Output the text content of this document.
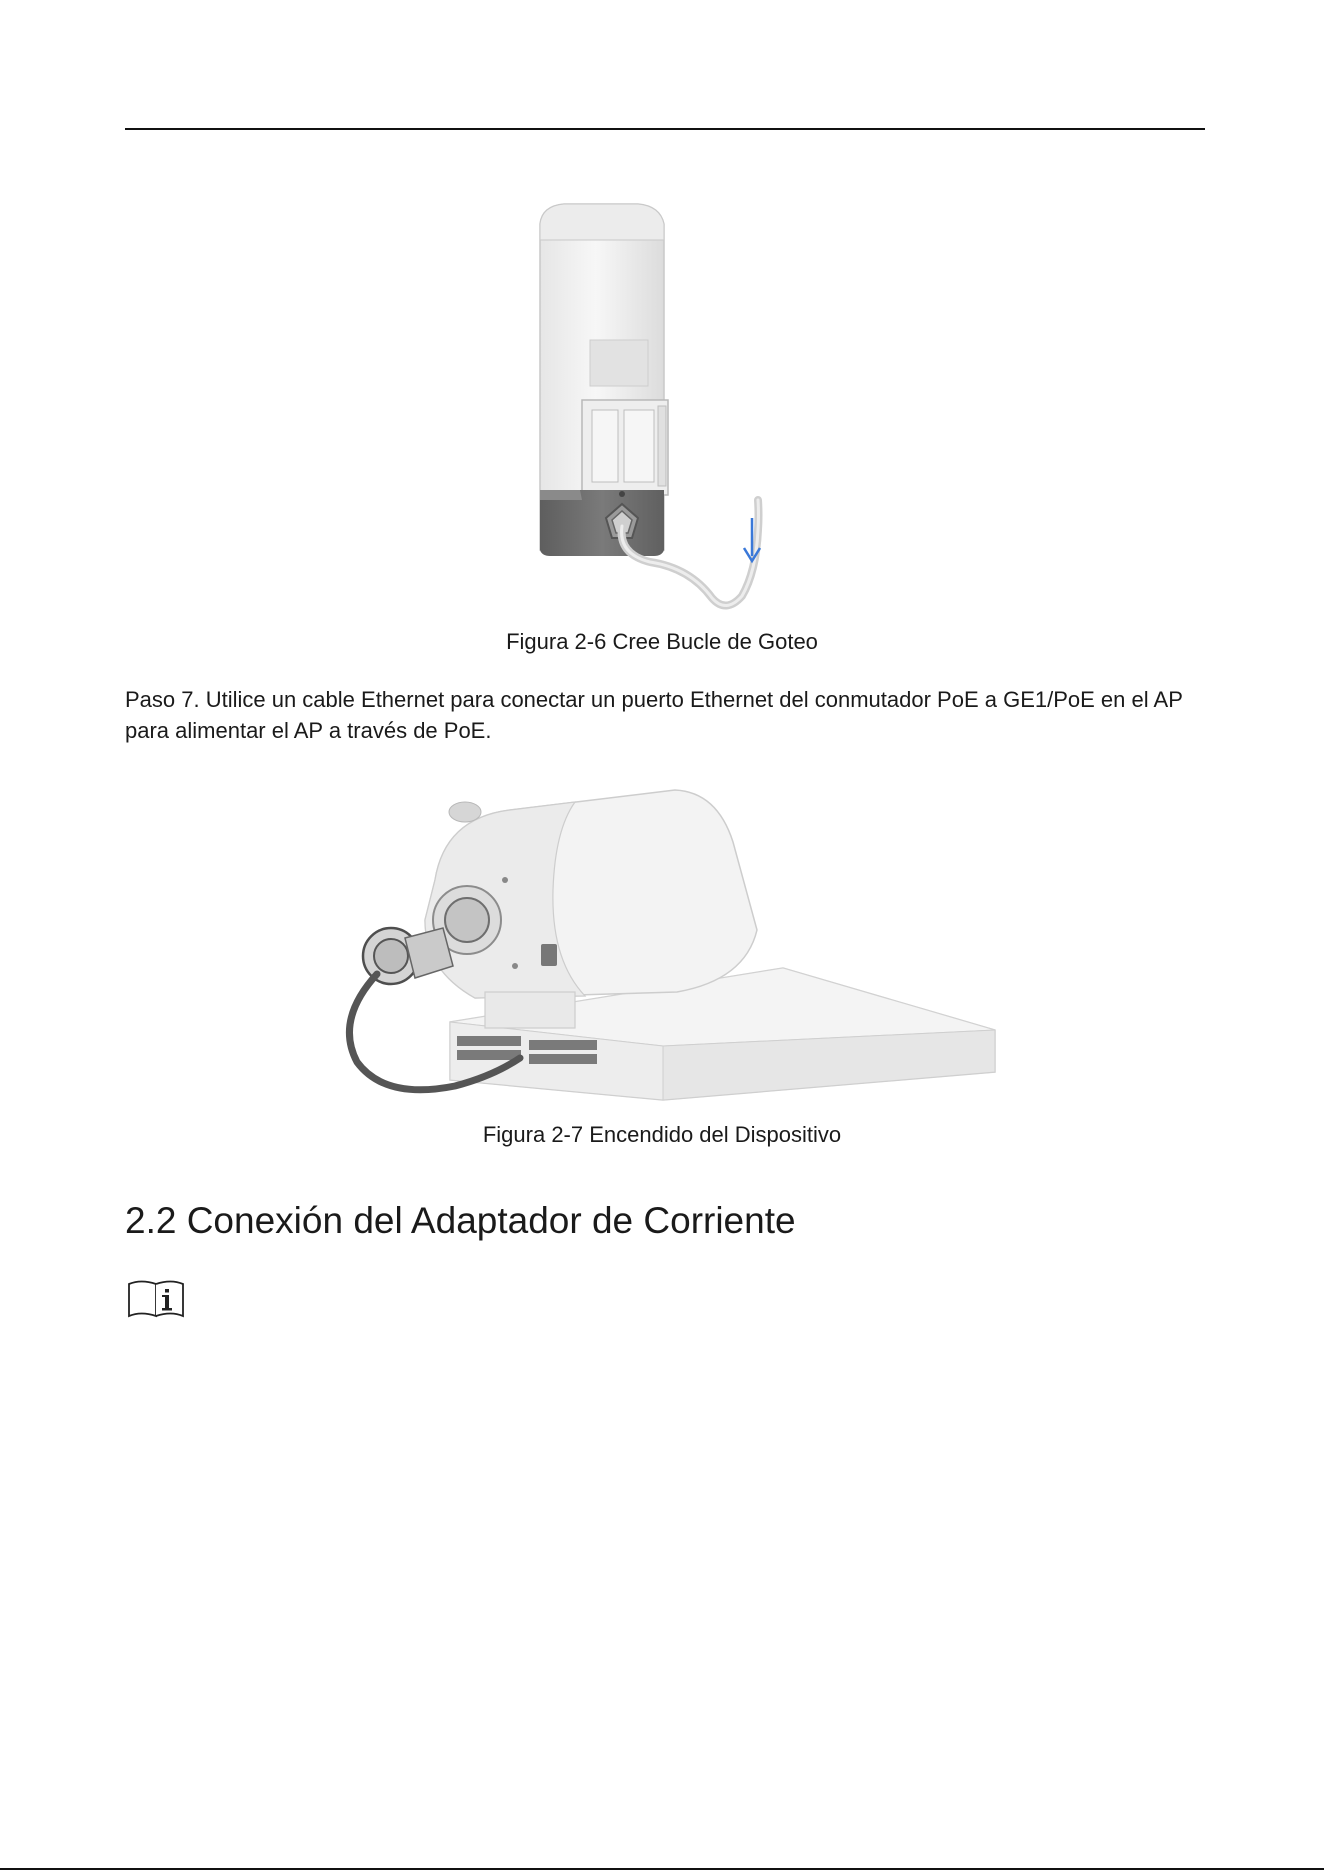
Figura 2-6 Cree Bucle de Goteo
Paso 7. Utilice un cable Ethernet para conectar un puerto Ethernet del conmutador PoE a GE1/PoE en el AP para alimentar el AP a través de PoE.
Figura 2-7 Encendido del Dispositivo
2.2 Conexión del Adaptador de Corriente
